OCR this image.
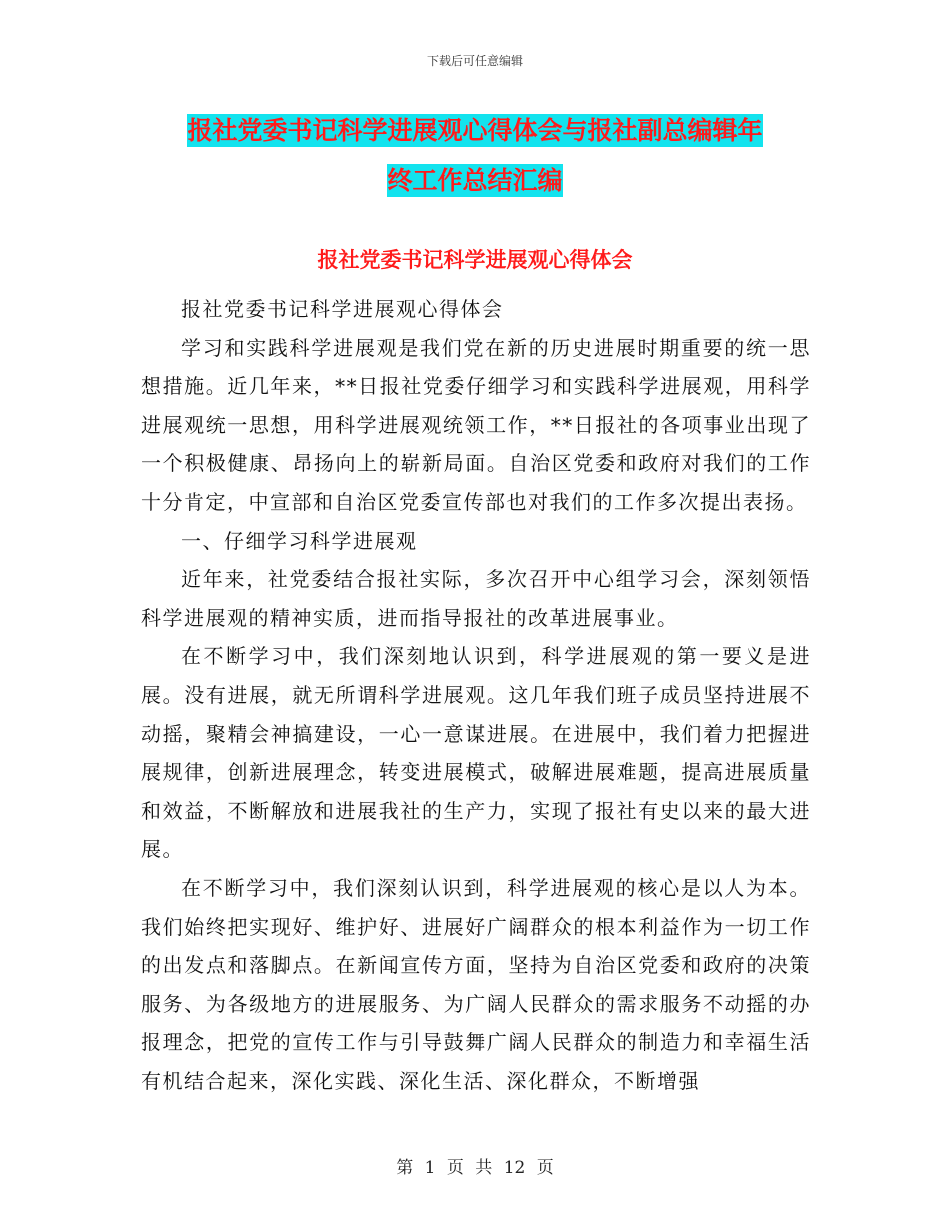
下载后可任意编辑
报社党委书记科学进展观心得体会与报社副总编辑年
终工作总结汇编
报社党委书记科学进展观心得体会

报社党委书记科学进展观心得体会

学习和实践科学进展观是我们党在新的历史进展时期重要的统一思想措施。近几年来，**日报社党委仔细学习和实践科学进展观，用科学进展观统一思想，用科学进展观统领工作，**日报社的各项事业出现了一个积极健康、昂扬向上的崭新局面。自治区党委和政府对我们的工作十分肯定，中宣部和自治区党委宣传部也对我们的工作多次提出表扬。

一、仔细学习科学进展观

近年来，社党委结合报社实际，多次召开中心组学习会，深刻领悟科学进展观的精神实质，进而指导报社的改革进展事业。

在不断学习中，我们深刻地认识到，科学进展观的第一要义是进展。没有进展，就无所谓科学进展观。这几年我们班子成员坚持进展不动摇，聚精会神搞建设，一心一意谋进展。在进展中，我们着力把握进展规律，创新进展理念，转变进展模式，破解进展难题，提高进展质量和效益，不断解放和进展我社的生产力，实现了报社有史以来的最大进展。

在不断学习中，我们深刻认识到，科学进展观的核心是以人为本。我们始终把实现好、维护好、进展好广阔群众的根本利益作为一切工作的出发点和落脚点。在新闻宣传方面，坚持为自治区党委和政府的决策服务、为各级地方的进展服务、为广阔人民群众的需求服务不动摇的办报理念，把党的宣传工作与引导鼓舞广阔人民群众的制造力和幸福生活有机结合起来，深化实践、深化生活、深化群众，不断增强

第 1 页 共 12 页
